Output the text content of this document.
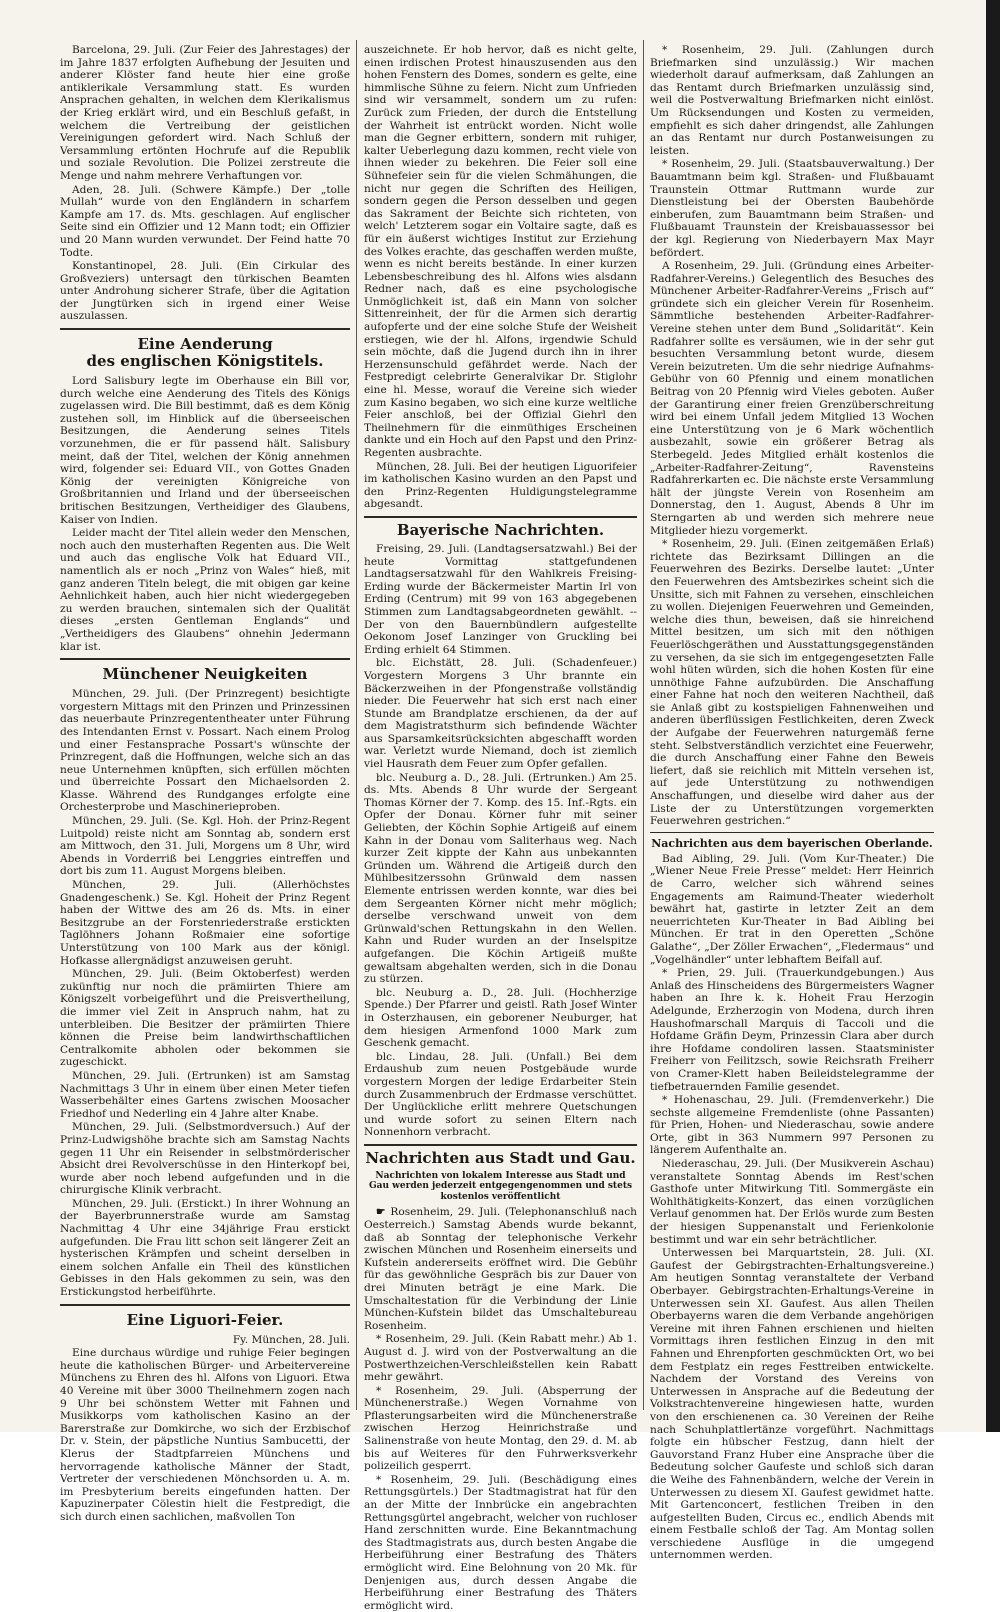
Barcelona, 29. Juli. (Zur Feier des Jahrestages) der im Jahre 1837 erfolgten Aufhebung der Jesuiten und anderer Klöster fand heute hier eine große antiklerikale Versammlung statt. Es wurden Ansprachen gehalten, in welchen dem Klerikalismus der Krieg erklärt wird, und ein Beschluß gefaßt, in welchem die Vertreibung der geistlichen Vereinigungen gefordert wird. Nach Schluß der Versammlung ertönten Hochrufe auf die Republik und soziale Revolution. Die Polizei zerstreute die Menge und nahm mehrere Verhaftungen vor.

Aden, 28. Juli. (Schwere Kämpfe.) Der „tolle Mullah“ wurde von den Engländern in scharfem Kampfe am 17. ds. Mts. geschlagen. Auf englischer Seite sind ein Offizier und 12 Mann todt; ein Offizier und 20 Mann wurden verwundet. Der Feind hatte 70 Todte.

Konstantinopel, 28. Juli. (Ein Cirkular des Großveziers) untersagt den türkischen Beamten unter Androhung sicherer Strafe, über die Agitation der Jungtürken sich in irgend einer Weise auszulassen.

Eine Aenderung
des englischen Königstitels.

Lord Salisbury legte im Oberhause ein Bill vor, durch welche eine Aenderung des Titels des Königs zugelassen wird. Die Bill bestimmt, daß es dem König zustehen soll, im Hinblick auf die überseeischen Besitzungen, die Aenderung seines Titels vorzunehmen, die er für passend hält. Salisbury meint, daß der Titel, welchen der König annehmen wird, folgender sei: Eduard VII., von Gottes Gnaden König der vereinigten Königreiche von Großbritannien und Irland und der überseeischen britischen Besitzungen, Vertheidiger des Glaubens, Kaiser von Indien.

Leider macht der Titel allein weder den Menschen, noch auch den musterhaften Regenten aus. Die Welt und auch das englische Volk hat Eduard VII., namentlich als er noch „Prinz von Wales“ hieß, mit ganz anderen Titeln belegt, die mit obigen gar keine Aehnlichkeit haben, auch hier nicht wiedergegeben zu werden brauchen, sintemalen sich der Qualität dieses „ersten Gentleman Englands“ und „Vertheidigers des Glaubens“ ohnehin Jedermann klar ist.

Münchener Neuigkeiten

München, 29. Juli. (Der Prinzregent) besichtigte vorgestern Mittags mit den Prinzen und Prinzessinen das neuerbaute Prinzregententheater unter Führung des Intendanten Ernst v. Possart. Nach einem Prolog und einer Festansprache Possart's wünschte der Prinzregent, daß die Hoffnungen, welche sich an das neue Unternehmen knüpften, sich erfüllen möchten und überreichte Possart den Michaelsorden 2. Klasse. Während des Rundganges erfolgte eine Orchesterprobe und Maschinerieproben.

München, 29. Juli. (Se. Kgl. Hoh. der Prinz-Regent Luitpold) reiste nicht am Sonntag ab, sondern erst am Mittwoch, den 31. Juli, Morgens um 8 Uhr, wird Abends in Vorderriß bei Lenggries eintreffen und dort bis zum 11. August Morgens bleiben.

München, 29. Juli. (Allerhöchstes Gnadengeschenk.) Se. Kgl. Hoheit der Prinz Regent haben der Wittwe des am 26 ds. Mts. in einer Besitzgrube an der Forstenriederstraße erstickten Taglöhners Johann Roßmaier eine sofortige Unterstützung von 100 Mark aus der königl. Hofkasse allergnädigst anzuweisen geruht.

München, 29. Juli. (Beim Oktoberfest) werden zukünftig nur noch die prämiirten Thiere am Königszelt vorbeigeführt und die Preisvertheilung, die immer viel Zeit in Anspruch nahm, hat zu unterbleiben. Die Besitzer der prämiirten Thiere können die Preise beim landwirthschaftlichen Centralkomite abholen oder bekommen sie zugeschickt.

München, 29. Juli. (Ertrunken) ist am Samstag Nachmittags 3 Uhr in einem über einen Meter tiefen Wasserbehälter eines Gartens zwischen Moosacher Friedhof und Nederling ein 4 Jahre alter Knabe.

München, 29. Juli. (Selbstmordversuch.) Auf der Prinz-Ludwigshöhe brachte sich am Samstag Nachts gegen 11 Uhr ein Reisender in selbstmörderischer Absicht drei Revolverschüsse in den Hinterkopf bei, wurde aber noch lebend aufgefunden und in die chirurgische Klinik verbracht.

München, 29. Juli. (Erstickt.) In ihrer Wohnung an der Bayerbrunnerstraße wurde am Samstag Nachmittag 4 Uhr eine 34jährige Frau erstickt aufgefunden. Die Frau litt schon seit längerer Zeit an hysterischen Krämpfen und scheint derselben in einem solchen Anfalle ein Theil des künstlichen Gebisses in den Hals gekommen zu sein, was den Erstickungstod herbeiführte.

Eine Liguori-Feier.

Fy. München, 28. Juli.

Eine durchaus würdige und ruhige Feier begingen heute die katholischen Bürger- und Arbeitervereine Münchens zu Ehren des hl. Alfons von Liguori. Etwa 40 Vereine mit über 3000 Theilnehmern zogen nach 9 Uhr bei schönstem Wetter mit Fahnen und Musikkorps vom katholischen Kasino an der Barerstraße zur Domkirche, wo sich der Erzbischof Dr. v. Stein, der päpstliche Nuntius Sambucetti, der Klerus der Stadtpfarreien Münchens und hervorragende katholische Männer der Stadt, Vertreter der verschiedenen Mönchsorden u. A. m. im Presbyterium bereits eingefunden hatten. Der Kapuzinerpater Cölestin hielt die Festpredigt, die sich durch einen sachlichen, maßvollen Ton

auszeichnete. Er hob hervor, daß es nicht gelte, einen irdischen Protest hinauszusenden aus den hohen Fenstern des Domes, sondern es gelte, eine himmlische Sühne zu feiern. Nicht zum Unfrieden sind wir versammelt, sondern um zu rufen: Zurück zum Frieden, der durch die Entstellung der Wahrheit ist entrückt worden. Nicht wolle man die Gegner erbittern, sondern mit ruhiger, kalter Ueberlegung dazu kommen, recht viele von ihnen wieder zu bekehren. Die Feier soll eine Sühnefeier sein für die vielen Schmähungen, die nicht nur gegen die Schriften des Heiligen, sondern gegen die Person desselben und gegen das Sakrament der Beichte sich richteten, von welch' Letzterem sogar ein Voltaire sagte, daß es für ein äußerst wichtiges Institut zur Erziehung des Volkes erachte, das geschaffen werden mußte, wenn es nicht bereits bestände. In einer kurzen Lebensbeschreibung des hl. Alfons wies alsdann Redner nach, daß es eine psychologische Unmöglichkeit ist, daß ein Mann von solcher Sittenreinheit, der für die Armen sich derartig aufopferte und der eine solche Stufe der Weisheit erstiegen, wie der hl. Alfons, irgendwie Schuld sein möchte, daß die Jugend durch ihn in ihrer Herzensunschuld gefährdet werde. Nach der Festpredigt celebrirte Generalvikar Dr. Stiglohr eine hl. Messe, worauf die Vereine sich wieder zum Kasino begaben, wo sich eine kurze weltliche Feier anschloß, bei der Offizial Giehrl den Theilnehmern für die einmüthiges Erscheinen dankte und ein Hoch auf den Papst und den Prinz-Regenten ausbrachte.

München, 28. Juli. Bei der heutigen Liguorifeier im katholischen Kasino wurden an den Papst und den Prinz-Regenten Huldigungstelegramme abgesandt.

Bayerische Nachrichten.

Freising, 29. Juli. (Landtagsersatzwahl.) Bei der heute Vormittag stattgefundenen Landtagsersatzwahl für den Wahlkreis Freising-Erding wurde der Bäckermeister Martin Irl von Erding (Centrum) mit 99 von 163 abgegebenen Stimmen zum Landtagsabgeordneten gewählt. -- Der von den Bauernbündlern aufgestellte Oekonom Josef Lanzinger von Gruckling bei Erding erhielt 64 Stimmen.

blc. Eichstätt, 28. Juli. (Schadenfeuer.) Vorgestern Morgens 3 Uhr brannte ein Bäckerzweihen in der Pfongenstraße vollständig nieder. Die Feuerwehr hat sich erst nach einer Stunde am Brandplatze erschienen, da der auf dem Magistratsthurm sich befindende Wächter aus Sparsamkeitsrücksichten abgeschafft worden war. Verletzt wurde Niemand, doch ist ziemlich viel Hausrath dem Feuer zum Opfer gefallen.

blc. Neuburg a. D., 28. Juli. (Ertrunken.) Am 25. ds. Mts. Abends 8 Uhr wurde der Sergeant Thomas Körner der 7. Komp. des 15. Inf.-Rgts. ein Opfer der Donau. Körner fuhr mit seiner Geliebten, der Köchin Sophie Artigeiß auf einem Kahn in der Donau vom Saliterhaus weg. Nach kurzer Zeit kippte der Kahn aus unbekannten Gründen um. Während die Artigeiß durch den Mühlbesitzerssohn Grünwald dem nassen Elemente entrissen werden konnte, war dies bei dem Sergeanten Körner nicht mehr möglich; derselbe verschwand unweit von dem Grünwald'schen Rettungskahn in den Wellen. Kahn und Ruder wurden an der Inselspitze aufgefangen. Die Köchin Artigeiß mußte gewaltsam abgehalten werden, sich in die Donau zu stürzen.

blc. Neuburg a. D., 28. Juli. (Hochherzige Spende.) Der Pfarrer und geistl. Rath Josef Winter in Osterzhausen, ein geborener Neuburger, hat dem hiesigen Armenfond 1000 Mark zum Geschenk gemacht.

blc. Lindau, 28. Juli. (Unfall.) Bei dem Erdaushub zum neuen Postgebäude wurde vorgestern Morgen der ledige Erdarbeiter Stein durch Zusammenbruch der Erdmasse verschüttet. Der Unglückliche erlitt mehrere Quetschungen und wurde sofort zu seinen Eltern nach Nonnenhorn verbracht.

Nachrichten aus Stadt und Gau.
Nachrichten von lokalem Interesse aus Stadt und Gau werden jederzeit entgegengenommen und stets kostenlos veröffentlicht

☛ Rosenheim, 29. Juli. (Telephonanschluß nach Oesterreich.) Samstag Abends wurde bekannt, daß ab Sonntag der telephonische Verkehr zwischen München und Rosenheim einerseits und Kufstein andererseits eröffnet wird. Die Gebühr für das gewöhnliche Gespräch bis zur Dauer von drei Minuten beträgt je eine Mark. Die Umschaltestation für die Verbindung der Linie München-Kufstein bildet das Umschaltebureau Rosenheim.

* Rosenheim, 29. Juli. (Kein Rabatt mehr.) Ab 1. August d. J. wird von der Postverwaltung an die Postwerthzeichen-Verschleißstellen kein Rabatt mehr gewährt.

* Rosenheim, 29. Juli. (Absperrung der Münchenerstraße.) Wegen Vornahme von Pflasterungsarbeiten wird die Münchenerstraße zwischen Herzog Heinrichstraße und Salinenstraße von heute Montag, den 29. d. M. ab bis auf Weiteres für den Fuhrwerksverkehr polizeilich gesperrt.

* Rosenheim, 29. Juli. (Beschädigung eines Rettungsgürtels.) Der Stadtmagistrat hat für den an der Mitte der Innbrücke ein angebrachten Rettungsgürtel angebracht, welcher von ruchloser Hand zerschnitten wurde. Eine Bekanntmachung des Stadtmagistrats aus, durch besten Angabe die Herbeiführung einer Bestrafung des Thäters ermöglicht wird. Eine Belohnung von 20 Mk. für Denjenigen aus, durch dessen Angabe die Herbeiführung einer Bestrafung des Thäters ermöglicht wird.

* Rosenheim, 29. Juli. (Zahlungen durch Briefmarken sind unzulässig.) Wir machen wiederholt darauf aufmerksam, daß Zahlungen an das Rentamt durch Briefmarken unzulässig sind, weil die Postverwaltung Briefmarken nicht einlöst. Um Rücksendungen und Kosten zu vermeiden, empfiehlt es sich daher dringendst, alle Zahlungen an das Rentamt nur durch Postanweisungen zu leisten.

* Rosenheim, 29. Juli. (Staatsbauverwaltung.) Der Bauamtmann beim kgl. Straßen- und Flußbauamt Traunstein Ottmar Ruttmann wurde zur Dienstleistung bei der Obersten Baubehörde einberufen, zum Bauamtmann beim Straßen- und Flußbauamt Traunstein der Kreisbauassessor bei der kgl. Regierung von Niederbayern Max Mayr befördert.

A Rosenheim, 29. Juli. (Gründung eines Arbeiter-Radfahrer-Vereins.) Gelegentlich des Besuches des Münchener Arbeiter-Radfahrer-Vereins „Frisch auf“ gründete sich ein gleicher Verein für Rosenheim. Sämmtliche bestehenden Arbeiter-Radfahrer-Vereine stehen unter dem Bund „Solidarität“. Kein Radfahrer sollte es versäumen, wie in der sehr gut besuchten Versammlung betont wurde, diesem Verein beizutreten. Um die sehr niedrige Aufnahms-Gebühr von 60 Pfennig und einem monatlichen Beitrag von 20 Pfennig wird Vieles geboten. Außer der Garantirung einer freien Grenzüberschreitung wird bei einem Unfall jedem Mitglied 13 Wochen eine Unterstützung von je 6 Mark wöchentlich ausbezahlt, sowie ein größerer Betrag als Sterbegeld. Jedes Mitglied erhält kostenlos die „Arbeiter-Radfahrer-Zeitung“, Ravensteins Radfahrerkarten ec. Die nächste erste Versammlung hält der jüngste Verein von Rosenheim am Donnerstag, den 1. August, Abends 8 Uhr im Sterngarten ab und werden sich mehrere neue Mitglieder hiezu vorgemerkt.

* Rosenheim, 29. Juli. (Einen zeitgemäßen Erlaß) richtete das Bezirksamt Dillingen an die Feuerwehren des Bezirks. Derselbe lautet: „Unter den Feuerwehren des Amtsbezirkes scheint sich die Unsitte, sich mit Fahnen zu versehen, einschleichen zu wollen. Diejenigen Feuerwehren und Gemeinden, welche dies thun, beweisen, daß sie hinreichend Mittel besitzen, um sich mit den nöthigen Feuerlöschgeräthen und Ausstattungsgegenständen zu versehen, da sie sich im entgegengesetzten Falle wohl hüten würden, sich die hohen Kosten für eine unnöthige Fahne aufzubürden. Die Anschaffung einer Fahne hat noch den weiteren Nachtheil, daß sie Anlaß gibt zu kostspieligen Fahnenweihen und anderen überflüssigen Festlichkeiten, deren Zweck der Aufgabe der Feuerwehren naturgemäß ferne steht. Selbstverständlich verzichtet eine Feuerwehr, die durch Anschaffung einer Fahne den Beweis liefert, daß sie reichlich mit Mitteln versehen ist, auf jede Unterstützung zu nothwendigen Anschaffungen, und dieselbe wird daher aus der Liste der zu Unterstützungen vorgemerkten Feuerwehren gestrichen.“

Nachrichten aus dem bayerischen Oberlande.

Bad Aibling, 29. Juli. (Vom Kur-Theater.) Die „Wiener Neue Freie Presse“ meldet: Herr Heinrich de Carro, welcher sich während seines Engagements am Raimund-Theater wiederholt bewährt hat, gastirte in letzter Zeit an dem neuerrichteten Kur-Theater in Bad Aibling bei München. Er trat in den Operetten „Schöne Galathe“, „Der Zöller Erwachen“, „Fledermaus“ und „Vogelhändler“ unter lebhaftem Beifall auf.

* Prien, 29. Juli. (Trauerkundgebungen.) Aus Anlaß des Hinscheidens des Bürgermeisters Wagner haben an Ihre k. k. Hoheit Frau Herzogin Adelgunde, Erzherzogin von Modena, durch ihren Haushofmarschall Marquis di Taccoli und die Hofdame Gräfin Deym, Prinzessin Clara aber durch ihre Hofdame condoliren lassen. Staatsminister Freiherr von Feilitzsch, sowie Reichsrath Freiherr von Cramer-Klett haben Beileidstelegramme der tiefbetrauernden Familie gesendet.

* Hohenaschau, 29. Juli. (Fremdenverkehr.) Die sechste allgemeine Fremdenliste (ohne Passanten) für Prien, Hohen- und Niederaschau, sowie andere Orte, gibt in 363 Nummern 997 Personen zu längerem Aufenthalte an.

Niederaschau, 29. Juli. (Der Musikverein Aschau) veranstaltete Sonntag Abends im Rest'schen Gasthofe unter Mitwirkung Titl. Sommergäste ein Wohlthätigkeits-Konzert, das einen vorzüglichen Verlauf genommen hat. Der Erlös wurde zum Besten der hiesigen Suppenanstalt und Ferienkolonie bestimmt und war ein sehr beträchtlicher.

Unterwessen bei Marquartstein, 28. Juli. (XI. Gaufest der Gebirgstrachten-Erhaltungsvereine.) Am heutigen Sonntag veranstaltete der Verband Oberbayer. Gebirgstrachten-Erhaltungs-Vereine in Unterwessen sein XI. Gaufest. Aus allen Theilen Oberbayerns waren die dem Verbande angehörigen Vereine mit ihren Fahnen erschienen und hielten Vormittags ihren festlichen Einzug in den mit Fahnen und Ehrenpforten geschmückten Ort, wo bei dem Festplatz ein reges Festtreiben entwickelte. Nachdem der Vorstand des Vereins von Unterwessen in Ansprache auf die Bedeutung der Volkstrachtenvereine hingewiesen hatte, wurden von den erschienenen ca. 30 Vereinen der Reihe nach Schuhplattlertänze vorgeführt. Nachmittags folgte ein hübscher Festzug, dann hielt der Gauvorstand Franz Huber eine Ansprache über die Bedeutung solcher Gaufeste und schloß sich daran die Weihe des Fahnenbändern, welche der Verein in Unterwessen zu diesem XI. Gaufest gewidmet hatte. Mit Gartenconcert, festlichen Treiben in den aufgestellten Buden, Circus ec., endlich Abends mit einem Festballe schloß der Tag. Am Montag sollen verschiedene Ausflüge in die umgegend unternommen werden.
